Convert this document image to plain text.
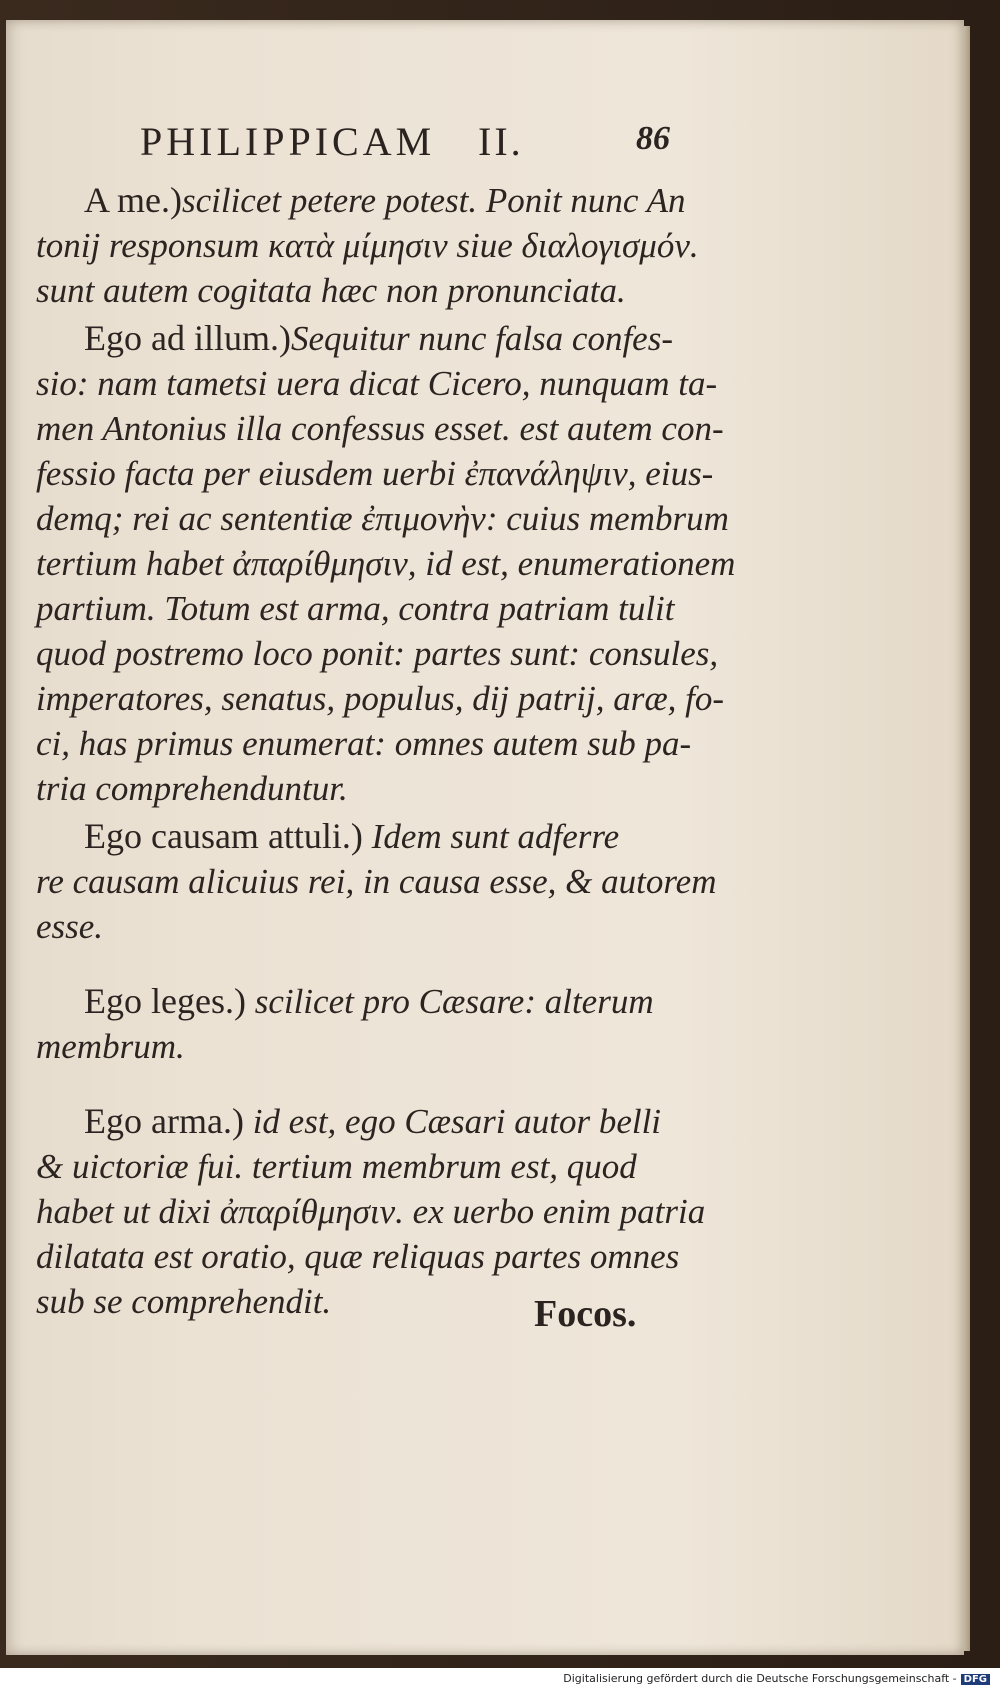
PHILIPPICAM II.	86
A me.)scilicet petere potest. Ponit nunc An
tonij responsum κατὰ μίμησιν siue διαλογισμόν.
sunt autem cogitata hæc non pronunciata.
Ego ad illum.)Sequitur nunc falsa confes-
sio: nam tametsi uera dicat Cicero, nunquam ta-
men Antonius illa confessus esset. est autem con-
fessio facta per eiusdem uerbi ἐπανάληψιν, eius-
demq; rei ac sententiæ ἐπιμονὴν: cuius membrum
tertium habet ἀπαρίθμησιν, id est, enumerationem
partium. Totum est arma, contra patriam tulit
quod postremo loco ponit: partes sunt: consules,
imperatores, senatus, populus, dij patrij, aræ, fo-
ci, has primus enumerat: omnes autem sub pa-
tria comprehenduntur.
Ego causam attuli.) Idem sunt adferre
re causam alicuius rei, in causa esse, & autorem
esse.
Ego leges.) scilicet pro Cæsare: alterum
membrum.
Ego arma.) id est, ego Cæsari autor belli
& uictoriæ fui. tertium membrum est, quod
habet ut dixi ἀπαρίθμησιν. ex uerbo enim patria
dilatata est oratio, quæ reliquas partes omnes
sub se comprehendit.	Focos.
Digitalisierung gefördert durch die Deutsche Forschungsgemeinschaft - DFG
